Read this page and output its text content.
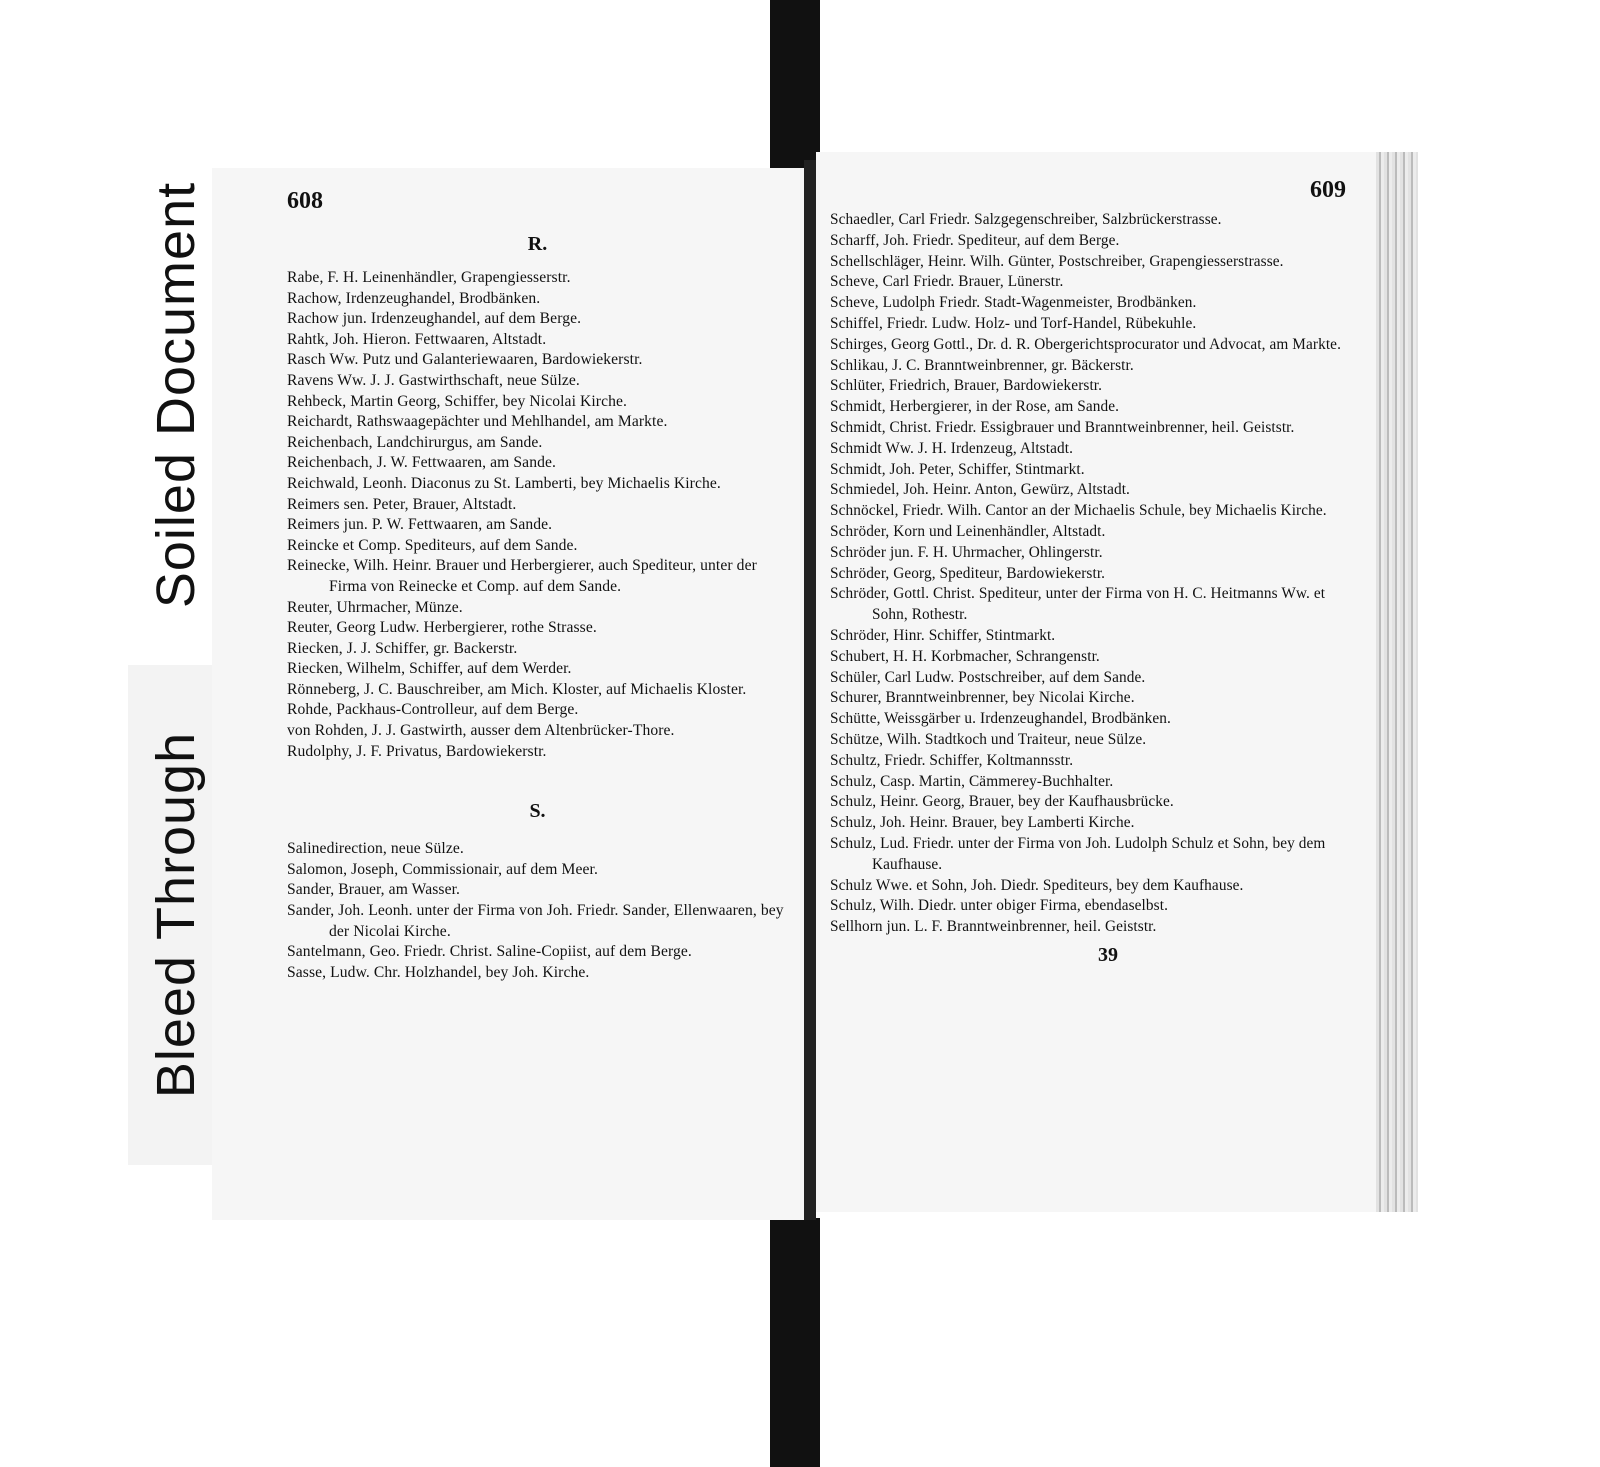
Soiled Document
Bleed Through
608
R.
Rabe, F. H. Leinenhändler, Grapengiesserstr.
Rachow, Irdenzeughandel, Brodbänken.
Rachow jun. Irdenzeughandel, auf dem Berge.
Rahtk, Joh. Hieron. Fettwaaren, Altstadt.
Rasch Ww. Putz und Galanteriewaaren, Bardowiekerstr.
Ravens Ww. J. J. Gastwirthschaft, neue Sülze.
Rehbeck, Martin Georg, Schiffer, bey Nicolai Kirche.
Reichardt, Rathswaagepächter und Mehlhandel, am Markte.
Reichenbach, Landchirurgus, am Sande.
Reichenbach, J. W. Fettwaaren, am Sande.
Reichwald, Leonh. Diaconus zu St. Lamberti, bey Michaelis Kirche.
Reimers sen. Peter, Brauer, Altstadt.
Reimers jun. P. W. Fettwaaren, am Sande.
Reincke et Comp. Spediteurs, auf dem Sande.
Reinecke, Wilh. Heinr. Brauer und Herbergierer, auch Spediteur, unter der Firma von Reinecke et Comp. auf dem Sande.
Reuter, Uhrmacher, Münze.
Reuter, Georg Ludw. Herbergierer, rothe Strasse.
Riecken, J. J. Schiffer, gr. Backerstr.
Riecken, Wilhelm, Schiffer, auf dem Werder.
Rönneberg, J. C. Bauschreiber, am Mich. Kloster, auf Michaelis Kloster.
Rohde, Packhaus-Controlleur, auf dem Berge.
von Rohden, J. J. Gastwirth, ausser dem Altenbrücker-Thore.
Rudolphy, J. F. Privatus, Bardowiekerstr.
S.
Salinedirection, neue Sülze.
Salomon, Joseph, Commissionair, auf dem Meer.
Sander, Brauer, am Wasser.
Sander, Joh. Leonh. unter der Firma von Joh. Friedr. Sander, Ellenwaaren, bey der Nicolai Kirche.
Santelmann, Geo. Friedr. Christ. Saline-Copiist, auf dem Berge.
Sasse, Ludw. Chr. Holzhandel, bey Joh. Kirche.
609
Schaedler, Carl Friedr. Salzgegenschreiber, Salzbrückerstrasse.
Scharff, Joh. Friedr. Spediteur, auf dem Berge.
Schellschläger, Heinr. Wilh. Günter, Postschreiber, Grapengiesserstrasse.
Scheve, Carl Friedr. Brauer, Lünerstr.
Scheve, Ludolph Friedr. Stadt-Wagenmeister, Brodbänken.
Schiffel, Friedr. Ludw. Holz- und Torf-Handel, Rübekuhle.
Schirges, Georg Gottl., Dr. d. R. Obergerichtsprocurator und Advocat, am Markte.
Schlikau, J. C. Branntweinbrenner, gr. Bäckerstr.
Schlüter, Friedrich, Brauer, Bardowiekerstr.
Schmidt, Herbergierer, in der Rose, am Sande.
Schmidt, Christ. Friedr. Essigbrauer und Branntweinbrenner, heil. Geiststr.
Schmidt Ww. J. H. Irdenzeug, Altstadt.
Schmidt, Joh. Peter, Schiffer, Stintmarkt.
Schmiedel, Joh. Heinr. Anton, Gewürz, Altstadt.
Schnöckel, Friedr. Wilh. Cantor an der Michaelis Schule, bey Michaelis Kirche.
Schröder, Korn und Leinenhändler, Altstadt.
Schröder jun. F. H. Uhrmacher, Ohlingerstr.
Schröder, Georg, Spediteur, Bardowiekerstr.
Schröder, Gottl. Christ. Spediteur, unter der Firma von H. C. Heitmanns Ww. et Sohn, Rothestr.
Schröder, Hinr. Schiffer, Stintmarkt.
Schubert, H. H. Korbmacher, Schrangenstr.
Schüler, Carl Ludw. Postschreiber, auf dem Sande.
Schurer, Branntweinbrenner, bey Nicolai Kirche.
Schütte, Weissgärber u. Irdenzeughandel, Brodbänken.
Schütze, Wilh. Stadtkoch und Traiteur, neue Sülze.
Schultz, Friedr. Schiffer, Koltmannsstr.
Schulz, Casp. Martin, Cämmerey-Buchhalter.
Schulz, Heinr. Georg, Brauer, bey der Kaufhausbrücke.
Schulz, Joh. Heinr. Brauer, bey Lamberti Kirche.
Schulz, Lud. Friedr. unter der Firma von Joh. Ludolph Schulz et Sohn, bey dem Kaufhause.
Schulz Wwe. et Sohn, Joh. Diedr. Spediteurs, bey dem Kaufhause.
Schulz, Wilh. Diedr. unter obiger Firma, ebendaselbst.
Sellhorn jun. L. F. Branntweinbrenner, heil. Geiststr.
39
